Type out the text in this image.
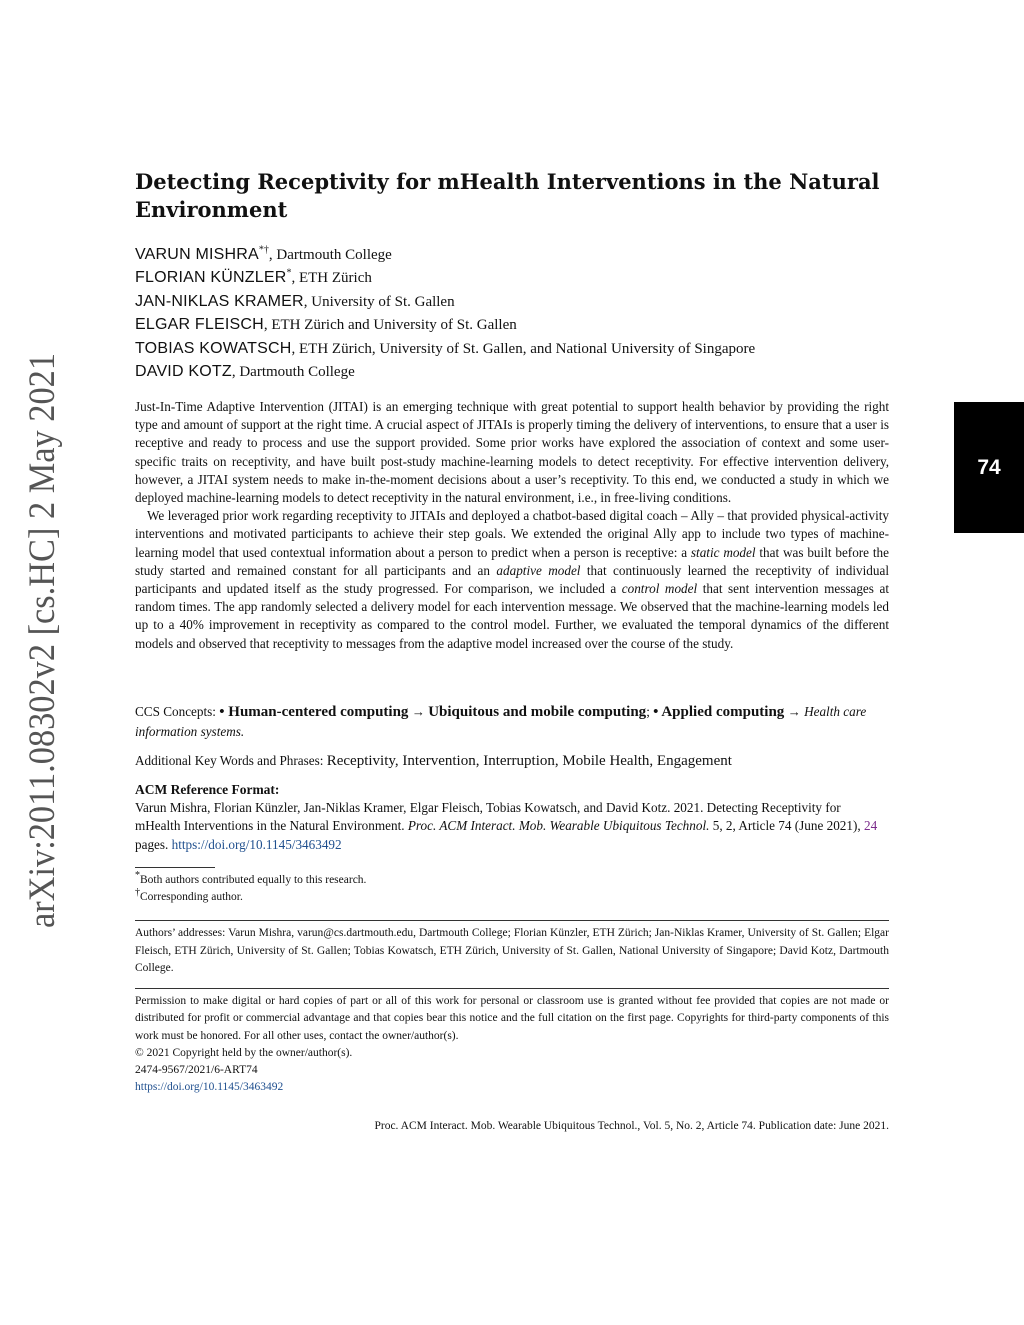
arXiv:2011.08302v2 [cs.HC] 2 May 2021	74
Detecting Receptivity for mHealth Interventions in the Natural Environment
VARUN MISHRA*†, Dartmouth College
FLORIAN KÜNZLER*, ETH Zürich
JAN-NIKLAS KRAMER, University of St. Gallen
ELGAR FLEISCH, ETH Zürich and University of St. Gallen
TOBIAS KOWATSCH, ETH Zürich, University of St. Gallen, and National University of Singapore
DAVID KOTZ, Dartmouth College

Just-In-Time Adaptive Intervention (JITAI) is an emerging technique with great potential to support health behavior by providing the right type and amount of support at the right time. A crucial aspect of JITAIs is properly timing the delivery of interventions, to ensure that a user is receptive and ready to process and use the support provided. Some prior works have explored the association of context and some user-specific traits on receptivity, and have built post-study machine-learning models to detect receptivity. For effective intervention delivery, however, a JITAI system needs to make in-the-moment decisions about a user’s receptivity. To this end, we conducted a study in which we deployed machine-learning models to detect receptivity in the natural environment, i.e., in free-living conditions.

We leveraged prior work regarding receptivity to JITAIs and deployed a chatbot-based digital coach – Ally – that provided physical-activity interventions and motivated participants to achieve their step goals. We extended the original Ally app to include two types of machine-learning model that used contextual information about a person to predict when a person is receptive: a static model that was built before the study started and remained constant for all participants and an adaptive model that continuously learned the receptivity of individual participants and updated itself as the study progressed. For comparison, we included a control model that sent intervention messages at random times. The app randomly selected a delivery model for each intervention message. We observed that the machine-learning models led up to a 40% improvement in receptivity as compared to the control model. Further, we evaluated the temporal dynamics of the different models and observed that receptivity to messages from the adaptive model increased over the course of the study.

CCS Concepts: • Human-centered computing → Ubiquitous and mobile computing; • Applied computing → Health care information systems.
Additional Key Words and Phrases: Receptivity, Intervention, Interruption, Mobile Health, Engagement
ACM Reference Format:
Varun Mishra, Florian Künzler, Jan-Niklas Kramer, Elgar Fleisch, Tobias Kowatsch, and David Kotz. 2021. Detecting Receptivity for mHealth Interventions in the Natural Environment. Proc. ACM Interact. Mob. Wearable Ubiquitous Technol. 5, 2, Article 74 (June 2021), 24 pages. https://doi.org/10.1145/3463492
*Both authors contributed equally to this research.
†Corresponding author.
Authors’ addresses: Varun Mishra, varun@cs.dartmouth.edu, Dartmouth College; Florian Künzler, ETH Zürich; Jan-Niklas Kramer, University of St. Gallen; Elgar Fleisch, ETH Zürich, University of St. Gallen; Tobias Kowatsch, ETH Zürich, University of St. Gallen, National University of Singapore; David Kotz, Dartmouth College.

Permission to make digital or hard copies of part or all of this work for personal or classroom use is granted without fee provided that copies are not made or distributed for profit or commercial advantage and that copies bear this notice and the full citation on the first page. Copyrights for third-party components of this work must be honored. For all other uses, contact the owner/author(s).

© 2021 Copyright held by the owner/author(s).

2474-9567/2021/6-ART74

https://doi.org/10.1145/3463492

Proc. ACM Interact. Mob. Wearable Ubiquitous Technol., Vol. 5, No. 2, Article 74. Publication date: June 2021.
